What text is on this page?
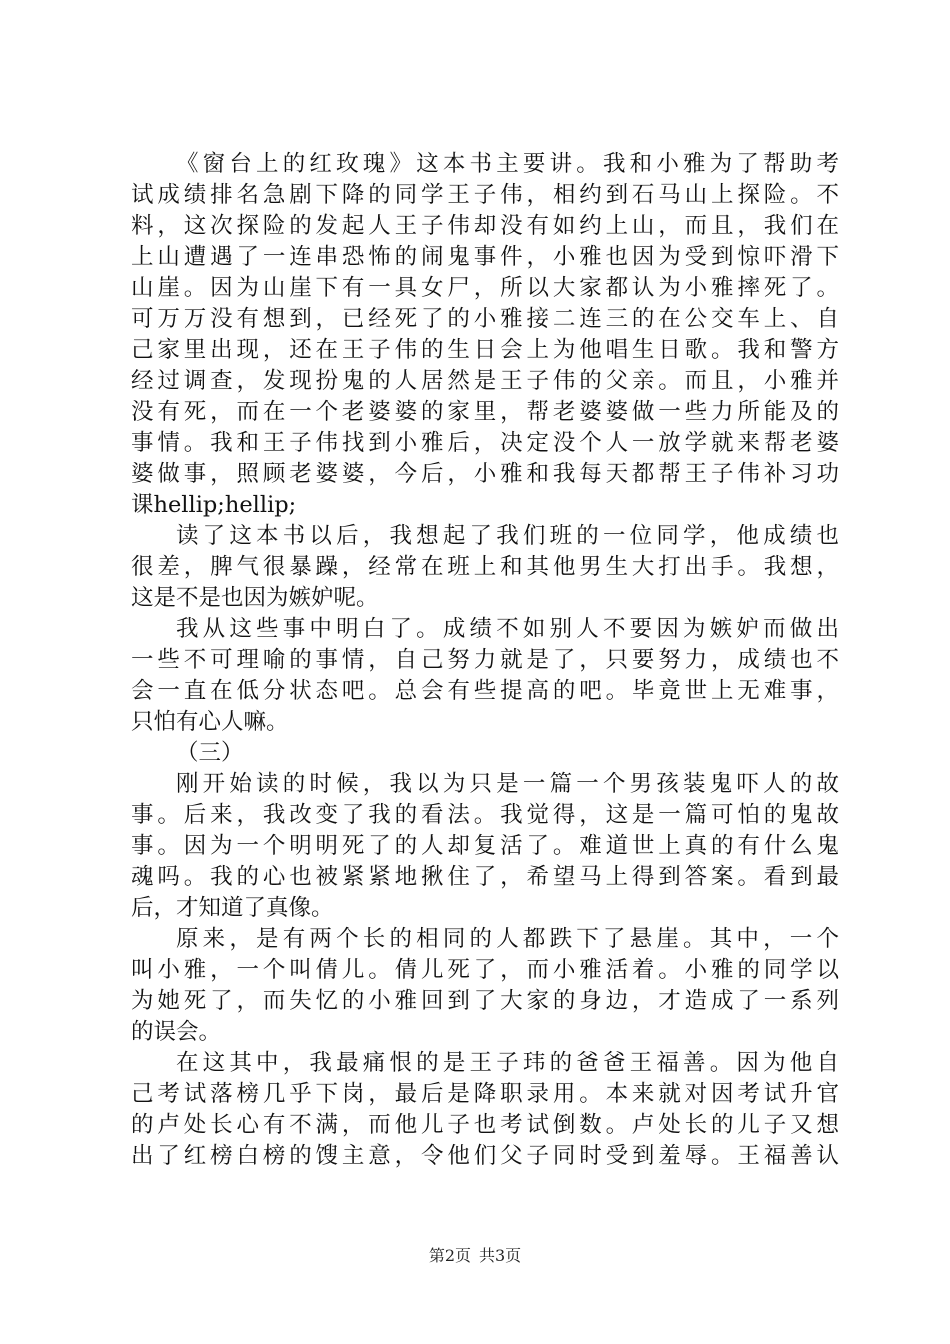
《窗台上的红玫瑰》这本书主要讲。我和小雅为了帮助考
试成绩排名急剧下降的同学王子伟，相约到石马山上探险。不
料，这次探险的发起人王子伟却没有如约上山，而且，我们在
上山遭遇了一连串恐怖的闹鬼事件，小雅也因为受到惊吓滑下
山崖。因为山崖下有一具女尸，所以大家都认为小雅摔死了。
可万万没有想到，已经死了的小雅接二连三的在公交车上、自
己家里出现，还在王子伟的生日会上为他唱生日歌。我和警方
经过调查，发现扮鬼的人居然是王子伟的父亲。而且，小雅并
没有死，而在一个老婆婆的家里，帮老婆婆做一些力所能及的
事情。我和王子伟找到小雅后，决定没个人一放学就来帮老婆
婆做事，照顾老婆婆，今后，小雅和我每天都帮王子伟补习功
课hellip;hellip;
读了这本书以后，我想起了我们班的一位同学，他成绩也
很差，脾气很暴躁，经常在班上和其他男生大打出手。我想，
这是不是也因为嫉妒呢。
我从这些事中明白了。成绩不如别人不要因为嫉妒而做出
一些不可理喻的事情，自己努力就是了，只要努力，成绩也不
会一直在低分状态吧。总会有些提高的吧。毕竟世上无难事，
只怕有心人嘛。
（三）
刚开始读的时候，我以为只是一篇一个男孩装鬼吓人的故
事。后来，我改变了我的看法。我觉得，这是一篇可怕的鬼故
事。因为一个明明死了的人却复活了。难道世上真的有什么鬼
魂吗。我的心也被紧紧地揪住了，希望马上得到答案。看到最
后，才知道了真像。
原来，是有两个长的相同的人都跌下了悬崖。其中，一个
叫小雅，一个叫倩儿。倩儿死了，而小雅活着。小雅的同学以
为她死了，而失忆的小雅回到了大家的身边，才造成了一系列
的误会。
在这其中，我最痛恨的是王子玮的爸爸王福善。因为他自
己考试落榜几乎下岗，最后是降职录用。本来就对因考试升官
的卢处长心有不满，而他儿子也考试倒数。卢处长的儿子又想
出了红榜白榜的馊主意，令他们父子同时受到羞辱。王福善认
第2页 共3页
